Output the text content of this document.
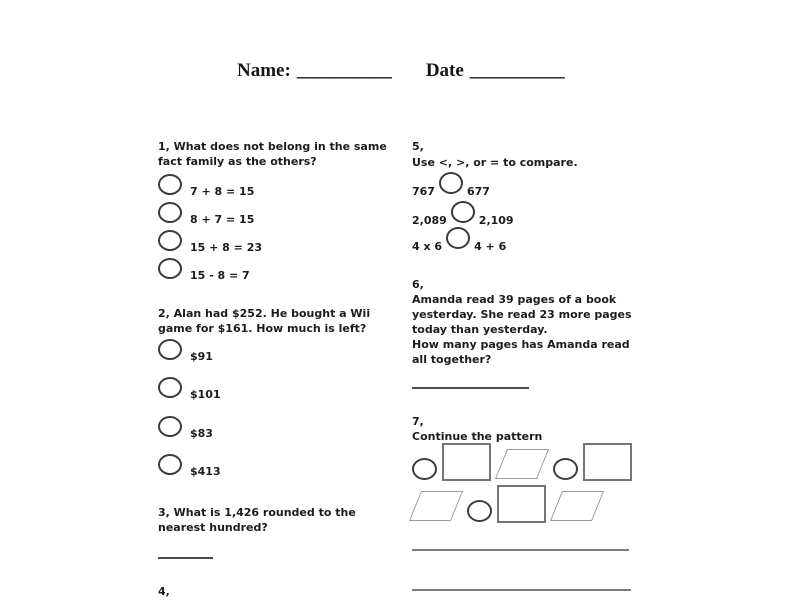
Name: __________ Date __________
1, What does not belong in the same
fact family as the others?
7 + 8 = 15
8 + 7 = 15
15 + 8 = 23
15 - 8 = 7
2, Alan had $252. He bought a Wii
game for $161. How much is left?
$91
$101
$83
$413
3, What is 1,426 rounded to the
nearest hundred?
4,
5,
Use <, >, or = to compare.
767	677
2,089	2,109
4 x 6	4 + 6
6,
Amanda read 39 pages of a book
yesterday. She read 23 more pages
today than yesterday.
How many pages has Amanda read
all together?
7,
Continue the pattern
